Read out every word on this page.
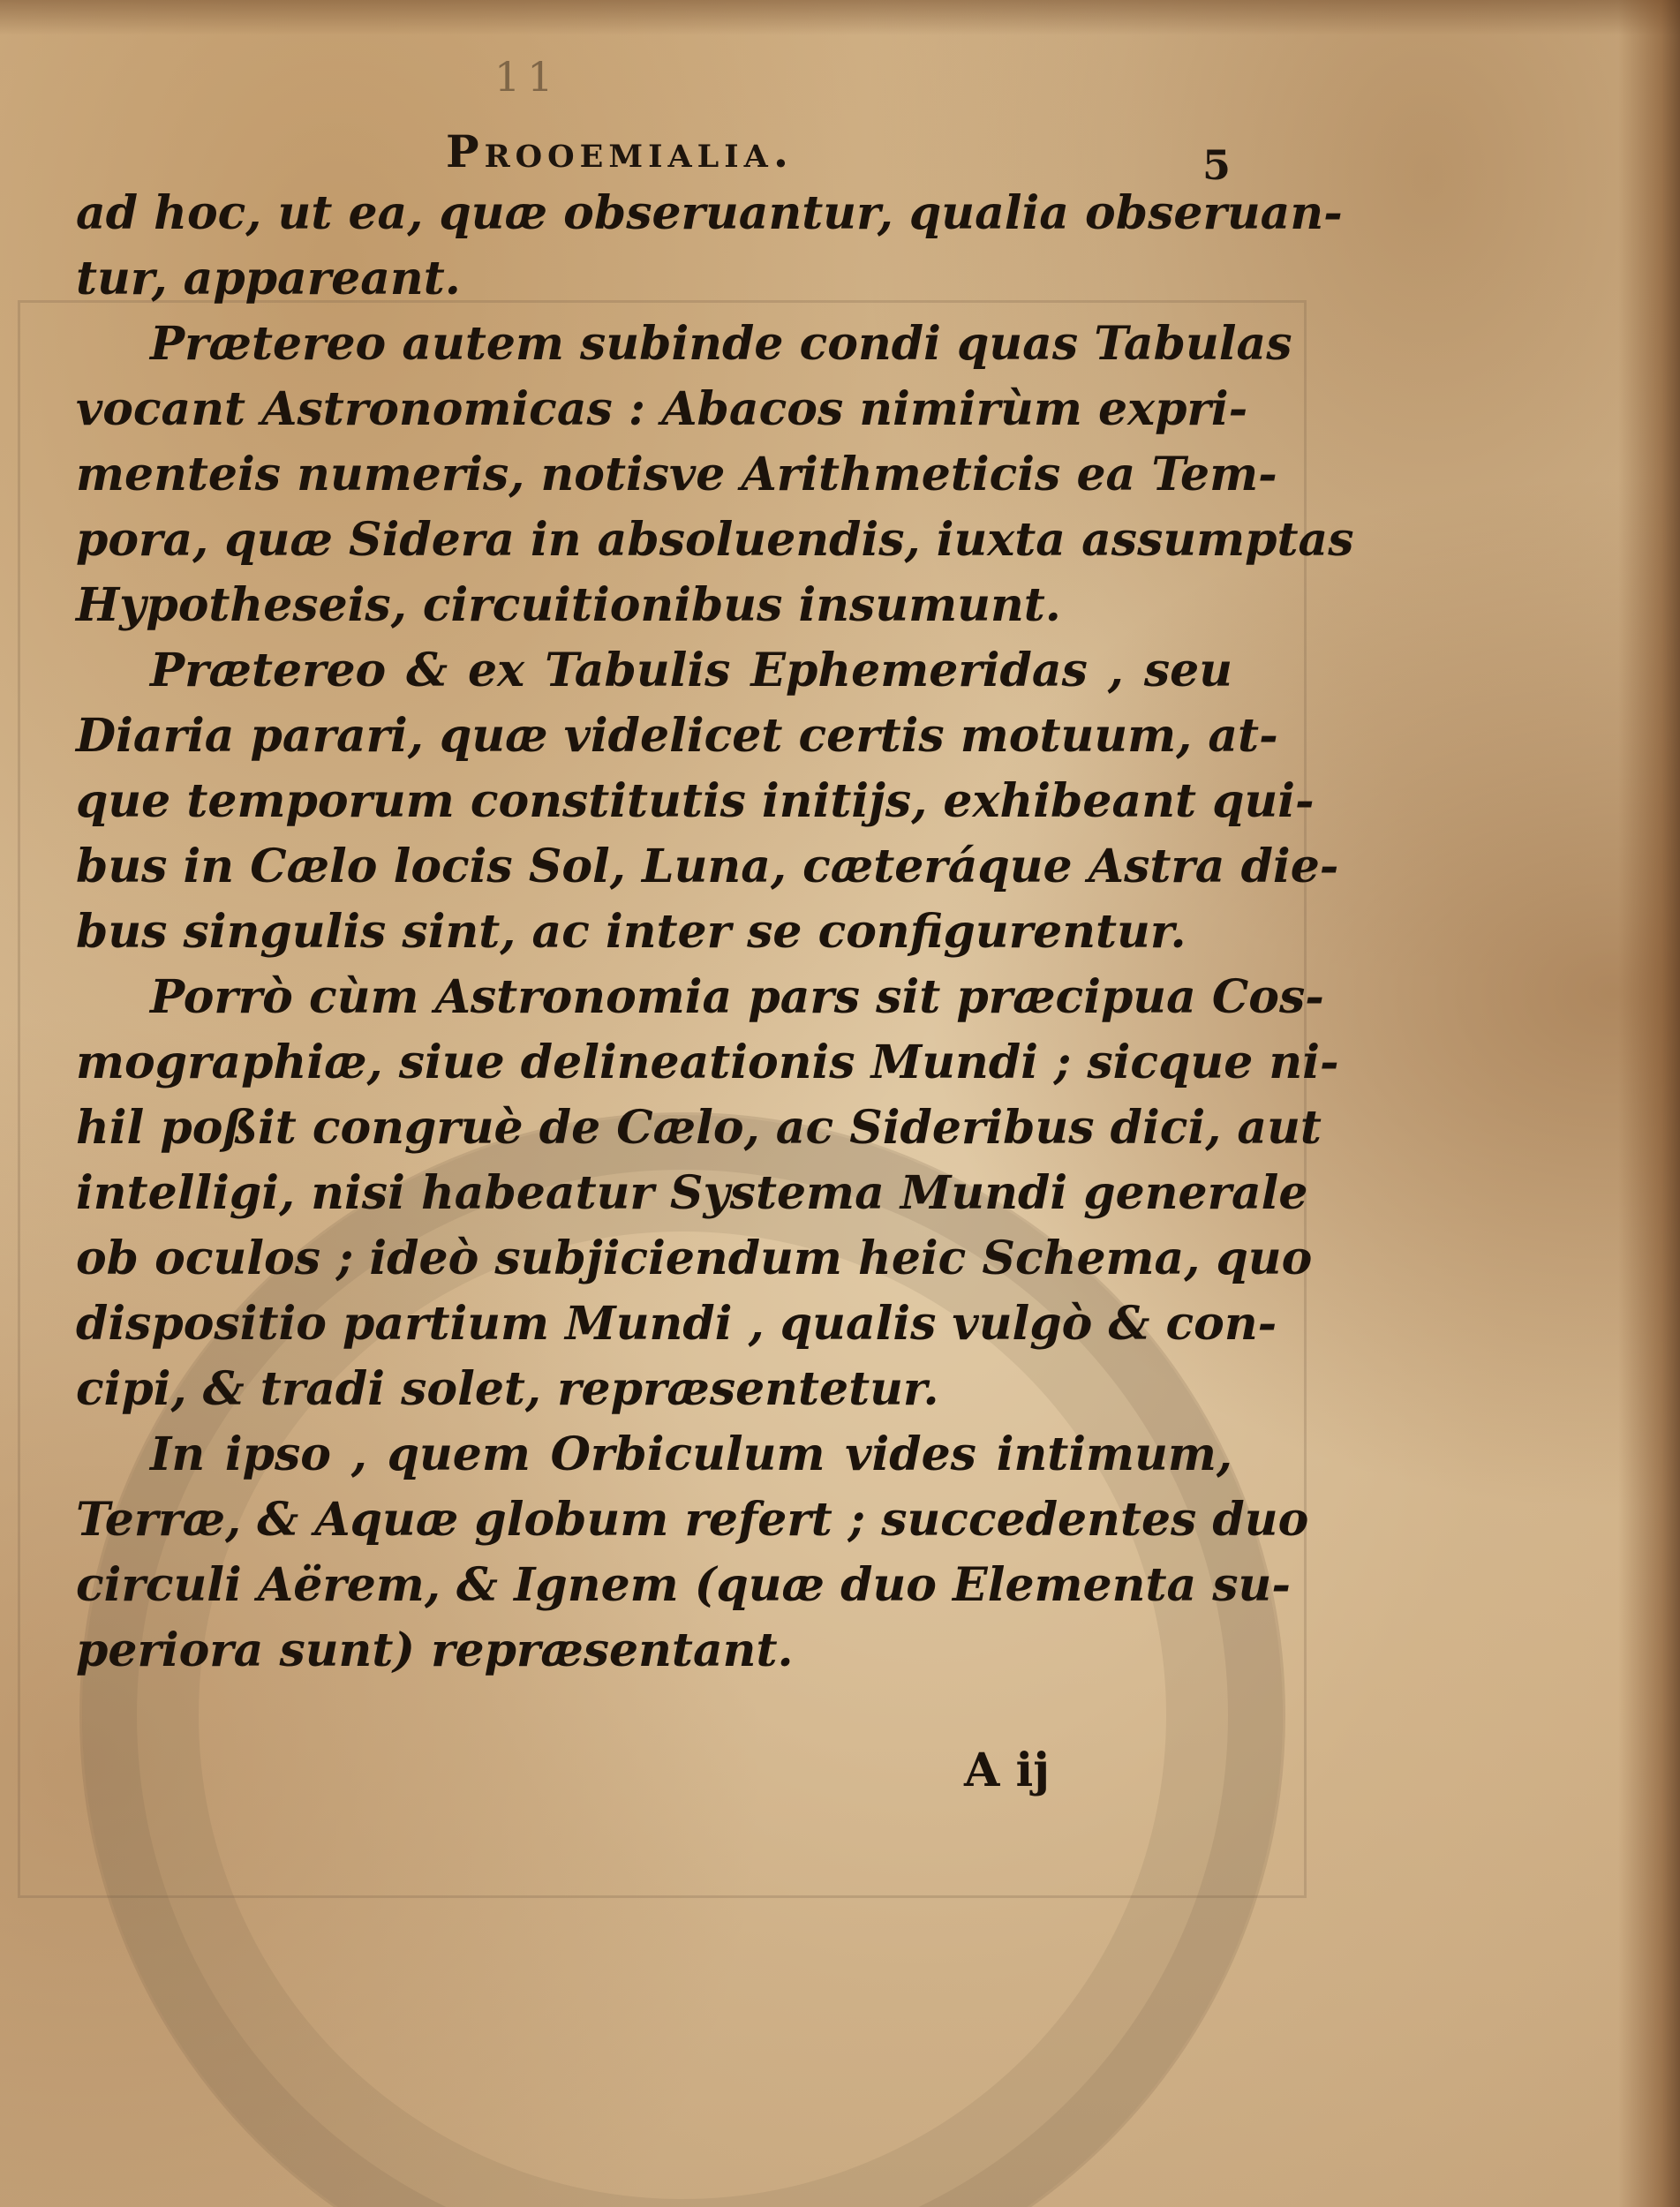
11
Prooemialia.	5
ad hoc, ut ea, quæ obseruantur, qualia obseruan-
tur, appareant.
Prætereo autem subinde condi quas Tabulas
vocant Astronomicas : Abacos nimirùm expri-
menteis numeris, notisve Arithmeticis ea Tem-
pora, quæ Sidera in absoluendis, iuxta assumptas
Hypotheseis, circuitionibus insumunt.
Prætereo & ex Tabulis Ephemeridas , seu
Diaria parari, quæ videlicet certis motuum, at-
que temporum constitutis initijs, exhibeant qui-
bus in Cælo locis Sol, Luna, cæteráque Astra die-
bus singulis sint, ac inter se configurentur.
Porrò cùm Astronomia pars sit præcipua Cos-
mographiæ, siue delineationis Mundi ; sicque ni-
hil poßit congruè de Cælo, ac Sideribus dici, aut
intelligi, nisi habeatur Systema Mundi generale
ob oculos ; ideò subjiciendum heic Schema, quo
dispositio partium Mundi , qualis vulgò & con-
cipi, & tradi solet, repræsentetur.
In ipso , quem Orbiculum vides intimum,
Terræ, & Aquæ globum refert ; succedentes duo
circuli Aërem, & Ignem (quæ duo Elementa su-
periora sunt) repræsentant.
A ij
